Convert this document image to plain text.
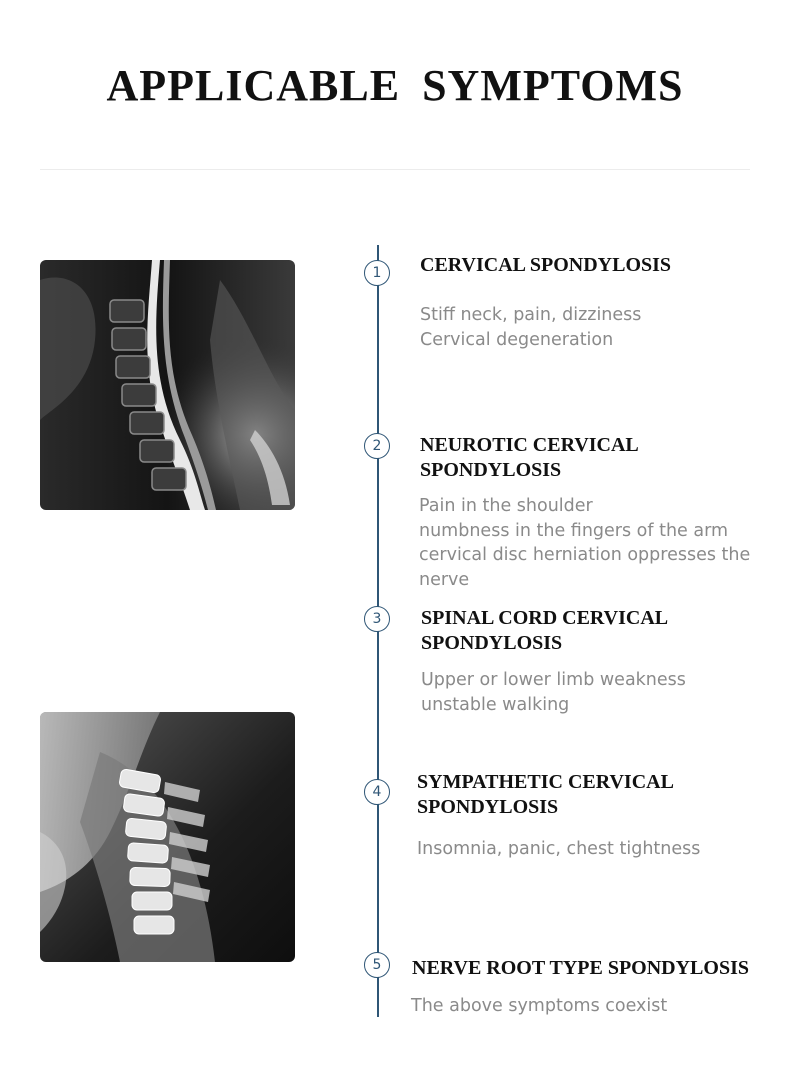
APPLICABLE SYMPTOMS
1	CERVICAL SPONDYLOSIS

Stiff neck, pain, dizziness
Cervical degeneration

2	NEUROTIC CERVICAL
SPONDYLOSIS

Pain in the shoulder
numbness in the fingers of the arm
cervical disc herniation oppresses the
nerve

3	SPINAL CORD CERVICAL
SPONDYLOSIS

Upper or lower limb weakness
unstable walking

4	SYMPATHETIC CERVICAL
SPONDYLOSIS

Insomnia, panic, chest tightness

5	NERVE ROOT TYPE SPONDYLOSIS

The above symptoms coexist
